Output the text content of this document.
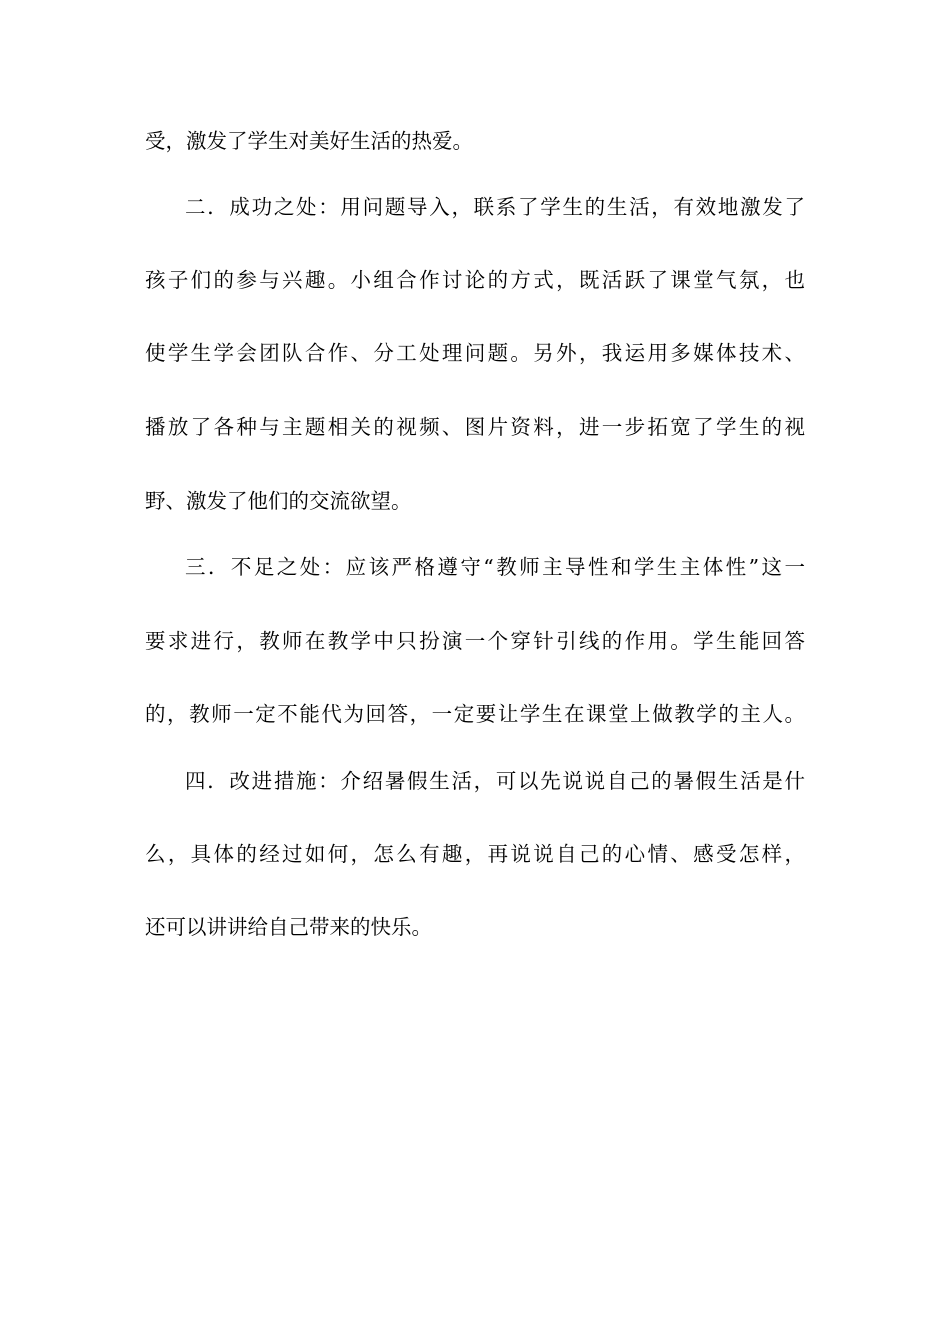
受，激发了学生对美好生活的热爱。
二．成功之处：用问题导入，联系了学生的生活，有效地激发了
孩子们的参与兴趣。小组合作讨论的方式，既活跃了课堂气氛，也
使学生学会团队合作、分工处理问题。另外，我运用多媒体技术、
播放了各种与主题相关的视频、图片资料，进一步拓宽了学生的视
野、激发了他们的交流欲望。
三．不足之处：应该严格遵守“教师主导性和学生主体性”这一
要求进行，教师在教学中只扮演一个穿针引线的作用。学生能回答
的，教师一定不能代为回答，一定要让学生在课堂上做教学的主人。
四．改进措施：介绍暑假生活，可以先说说自己的暑假生活是什
么，具体的经过如何，怎么有趣，再说说自己的心情、感受怎样，
还可以讲讲给自己带来的快乐。
